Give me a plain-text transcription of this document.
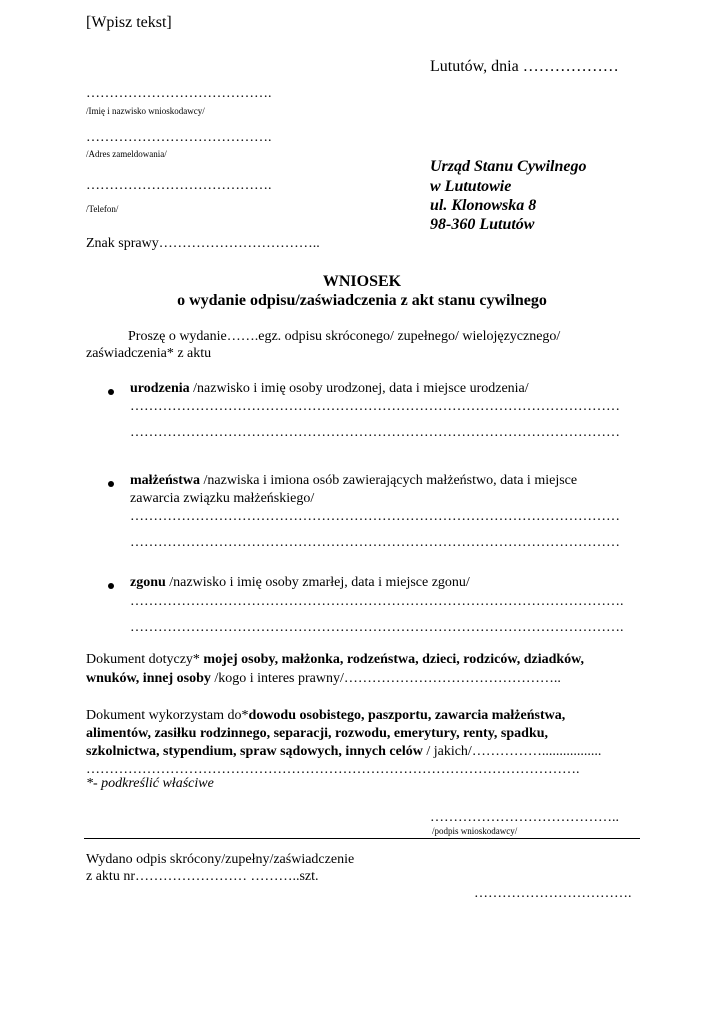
[Wpisz tekst]
Lututów, dnia ………………
………………………………….
/Imię i nazwisko wnioskodawcy/
………………………………….
/Adres zameldowania/
………………………………….
/Telefon/
Znak sprawy……………………………..
Urząd Stanu Cywilnego
w Lututowie
ul. Klonowska 8
98-360 Lututów
WNIOSEK
o wydanie odpisu/zaświadczenia z akt stanu cywilnego
Proszę o wydanie…….egz. odpisu skróconego/ zupełnego/ wielojęzycznego/
zaświadczenia* z aktu
urodzenia /nazwisko i imię osoby urodzonej, data i miejsce urodzenia/
……………………………………………………………………………………………
……………………………………………………………………………………………
małżeństwa /nazwiska i imiona osób zawierających małżeństwo, data i miejsce
zawarcia związku małżeńskiego/
……………………………………………………………………………………………
……………………………………………………………………………………………
zgonu /nazwisko i imię osoby zmarłej, data i miejsce zgonu/
…………………………………………………………………………………………….
…………………………………………………………………………………………….
Dokument dotyczy* mojej osoby, małżonka, rodzeństwa, dzieci, rodziców, dziadków,
wnuków, innej osoby /kogo i interes prawny/………………………………………..
Dokument wykorzystam do*dowodu osobistego, paszportu, zawarcia małżeństwa,
alimentów, zasiłku rodzinnego, separacji, rozwodu, emerytury, renty, spadku,
szkolnictwa, stypendium, spraw sądowych, innych celów / jakich/…………….................
…………………………………………………………………………………………….
*- podkreślić właściwe
…………………………………..
/podpis wnioskodawcy/
Wydano odpis skrócony/zupełny/zaświadczenie
z aktu nr…………………… ………..szt.
…………………………….
